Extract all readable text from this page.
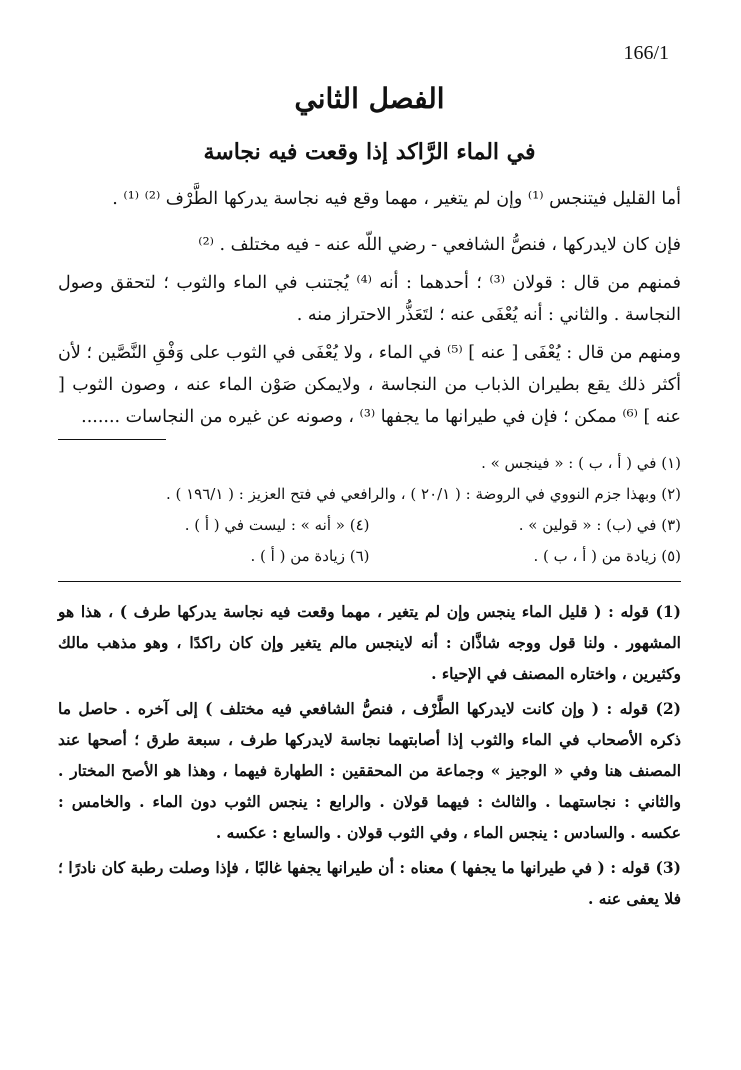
166/1
الفصل الثاني
في الماء الرَّاكد إذا وقعت فيه نجاسة

أما القليل فيتنجس ⁽¹⁾ وإن لم يتغير ، مهما وقع فيه نجاسة يدركها الطَّرْف ⁽²⁾ ⁽¹⁾ .

فإن كان لايدركها ، فنصُّ الشافعي - رضي اللّه عنه - فيه مختلف . ⁽²⁾

فمنهم من قال : قولان ⁽³⁾ ؛ أحدهما : أنه ⁽⁴⁾ يُجتنب في الماء والثوب ؛ لتحقق وصول النجاسة . والثاني : أنه يُعْفَى عنه ؛ لتَعَذُّر الاحتراز منه .

ومنهم من قال : يُعْفَى [ عنه ] ⁽⁵⁾ في الماء ، ولا يُعْفَى في الثوب على وَفْقِ النَّصَّين ؛ لأن أكثر ذلك يقع بطيران الذباب من النجاسة ، ولايمكن صَوْن الماء عنه ، وصون الثوب [ عنه ] ⁽⁶⁾ ممكن ؛ فإن في طيرانها ما يجفها ⁽³⁾ ، وصونه عن غيره من النجاسات .......

(١) في ( أ ، ب ) : « فينجس » .
(٢) وبهذا جزم النووي في الروضة : ( ٢٠/١ ) ، والرافعي في فتح العزيز : ( ١٩٦/١ ) .
(٣) في (ب) : « قولين » .
(٤) « أنه » : ليست في ( أ ) .
(٥) زيادة من ( أ ، ب ) .
(٦) زيادة من ( أ ) .

(1) قوله : ( قليل الماء ينجس وإن لم يتغير ، مهما وقعت فيه نجاسة يدركها طرف ) ، هذا هو المشهور . ولنا قول ووجه شاذَّان : أنه لاينجس مالم يتغير وإن كان راكدًا ، وهو مذهب مالك وكثيرين ، واختاره المصنف في الإحياء .

(2) قوله : ( وإن كانت لايدركها الطَّرْف ، فنصُّ الشافعي فيه مختلف ) إلى آخره . حاصل ما ذكره الأصحاب في الماء والثوب إذا أصابتهما نجاسة لايدركها طرف ، سبعة طرق ؛ أصحها عند المصنف هنا وفي « الوجيز » وجماعة من المحققين : الطهارة فيهما ، وهذا هو الأصح المختار . والثاني : نجاستهما . والثالث : فيهما قولان . والرابع : ينجس الثوب دون الماء . والخامس : عكسه . والسادس : ينجس الماء ، وفي الثوب قولان . والسابع : عكسه .

(3) قوله : ( في طيرانها ما يجفها ) معناه : أن طيرانها يجفها غالبًا ، فإذا وصلت رطبة كان نادرًا ؛ فلا يعفى عنه .
